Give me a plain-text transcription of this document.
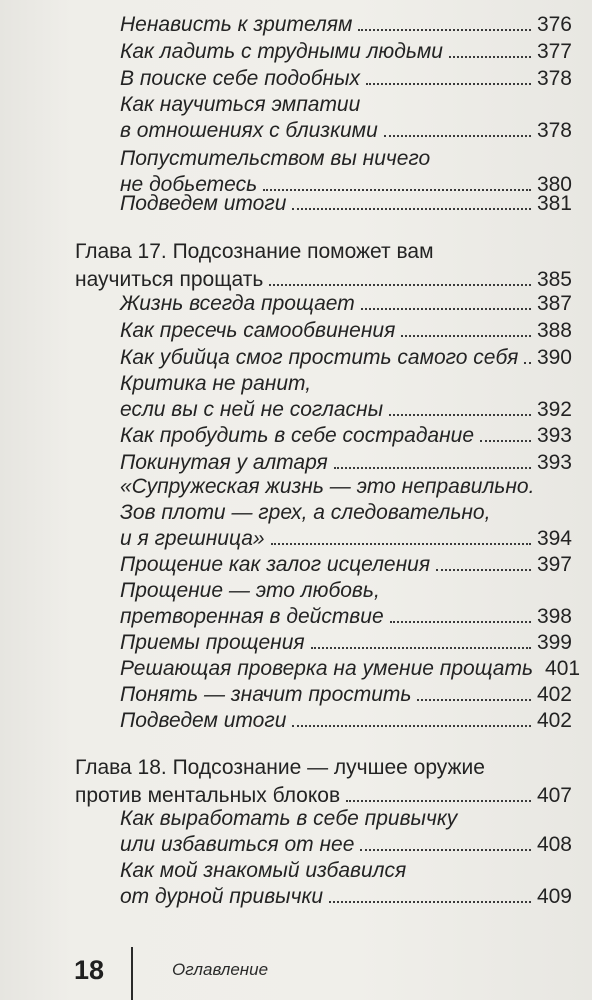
Ненависть к зрителям	376
Как ладить с трудными людьми	377
В поиске себе подобных	378
Как научиться эмпатии
в отношениях с близкими	378
Попустительством вы ничего
не добьетесь	380
Подведем итоги	381
Глава 17. Подсознание поможет вам
научиться прощать	385
Жизнь всегда прощает	387
Как пресечь самообвинения	388
Как убийца смог простить самого себя 390
Критика не ранит,
если вы с ней не согласны	392
Как пробудить в себе сострадание	393
Покинутая у алтаря	393
«Супружеская жизнь — это неправильно.
Зов плоти — грех, а следовательно,
и я грешница»	394
Прощение как залог исцеления	397
Прощение — это любовь,
претворенная в действие	398
Приемы прощения	399
Решающая проверка на умение прощать 401
Понять — значит простить	402
Подведем итоги	402
Глава 18. Подсознание — лучшее оружие
против ментальных блоков	407
Как выработать в себе привычку
или избавиться от нее	408
Как мой знакомый избавился
от дурной привычки	409
18	Оглавление
